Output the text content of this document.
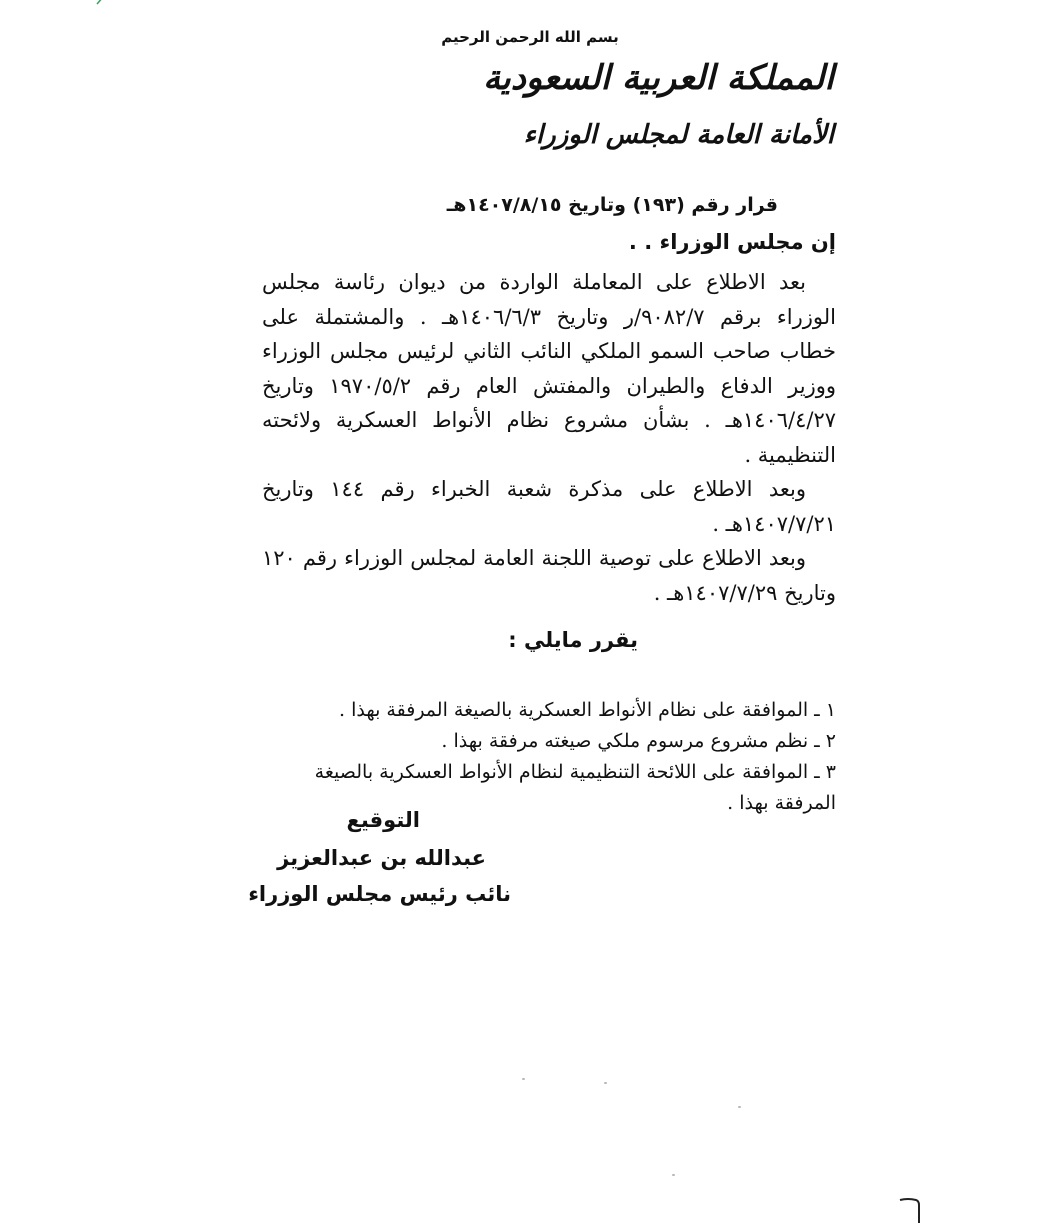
بسم الله الرحمن الرحيم
المملكة العربية السعودية
الأمانة العامة لمجلس الوزراء
قرار رقم (١٩٣) وتاريخ ١٤٠٧/٨/١٥هـ
إن مجلس الوزراء . .

بعد الاطلاع على المعاملة الواردة من ديوان رئاسة مجلس الوزراء برقم ٩٠٨٢/٧/ر وتاريخ ١٤٠٦/٦/٣هـ . والمشتملة على خطاب صاحب السمو الملكي النائب الثاني لرئيس مجلس الوزراء ووزير الدفاع والطيران والمفتش العام رقم ١٩٧٠/٥/٢ وتاريخ ١٤٠٦/٤/٢٧هـ . بشأن مشروع نظام الأنواط العسكرية ولائحته التنظيمية .

وبعد الاطلاع على مذكرة شعبة الخبراء رقم ١٤٤ وتاريخ ١٤٠٧/٧/٢١هـ .

وبعد الاطلاع على توصية اللجنة العامة لمجلس الوزراء رقم ١٢٠ وتاريخ ١٤٠٧/٧/٢٩هـ .

يقرر مايلي :
١ ـ الموافقة على نظام الأنواط العسكرية بالصيغة المرفقة بهذا .
٢ ـ نظم مشروع مرسوم ملكي صيغته مرفقة بهذا .
٣ ـ الموافقة على اللائحة التنظيمية لنظام الأنواط العسكرية بالصيغة المرفقة بهذا .
التوقيع
عبدالله بن عبدالعزيز
نائب رئيس مجلس الوزراء
